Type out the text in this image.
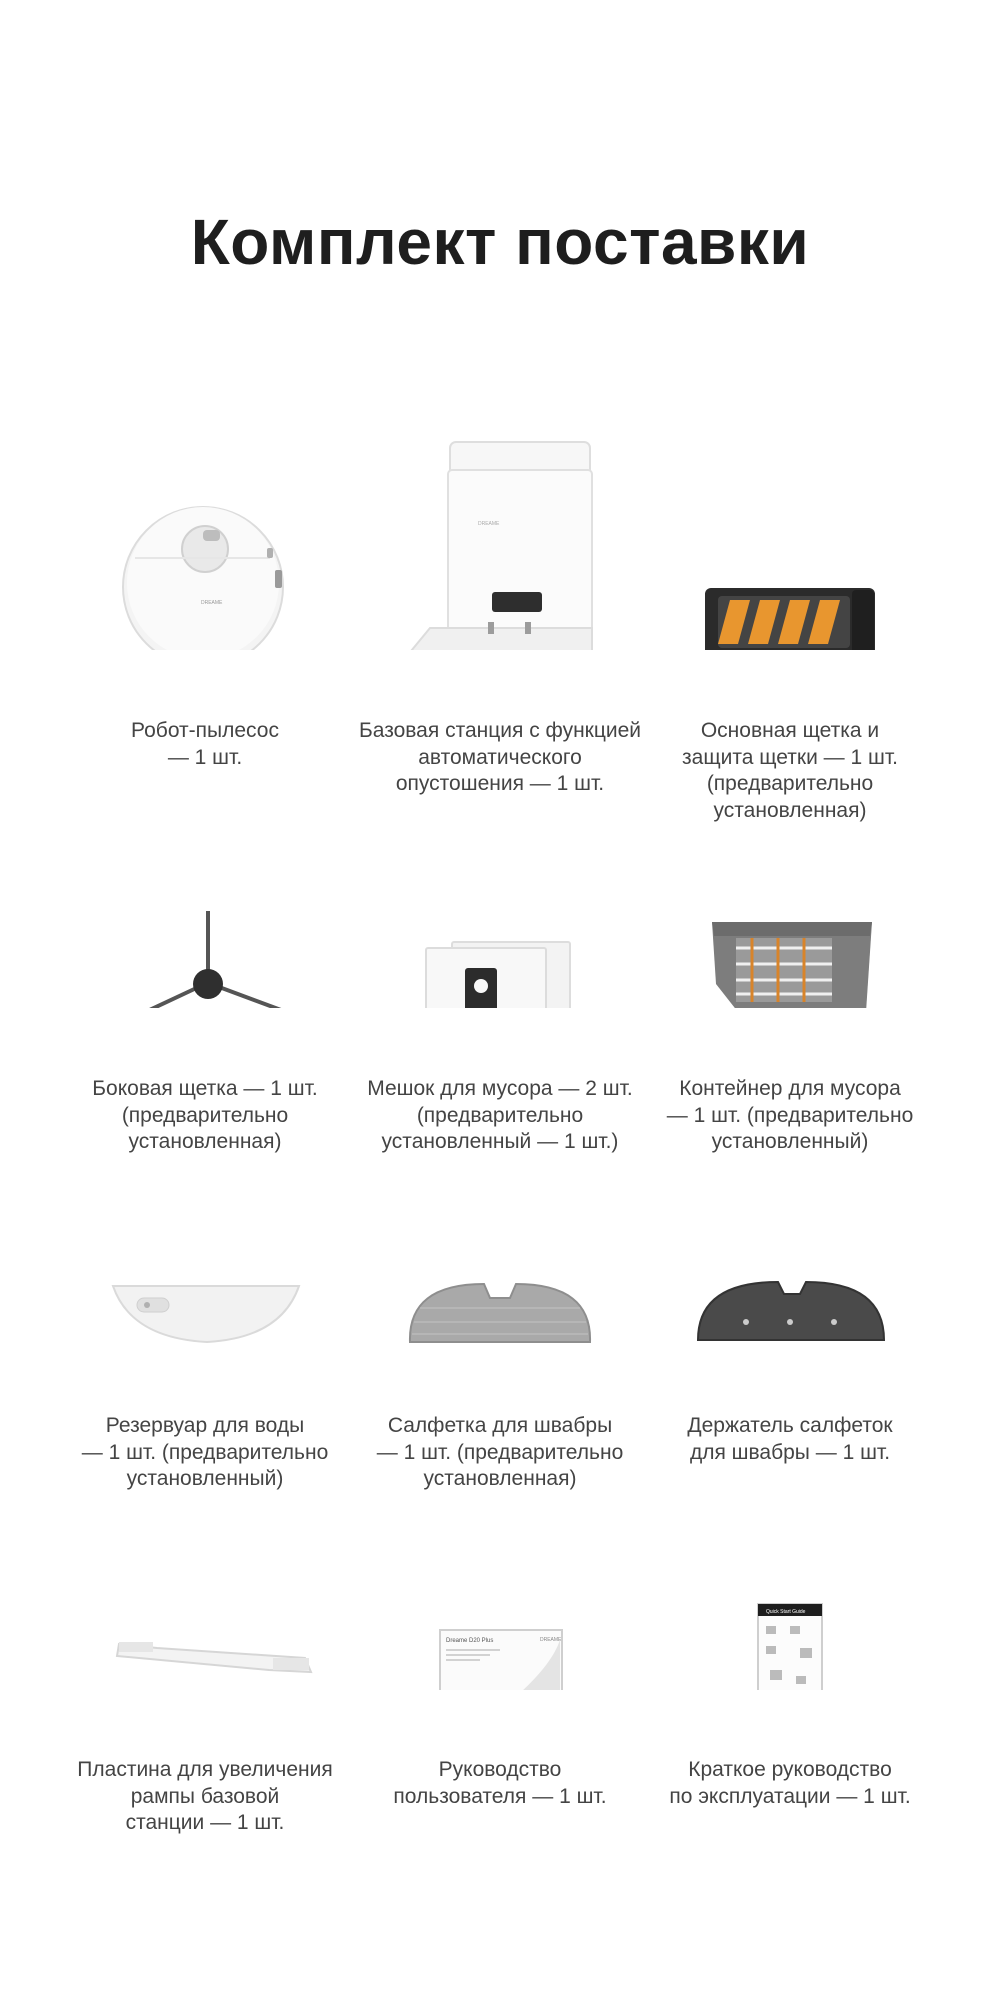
Комплект поставки
DREAME
Робот-пылесос
— 1 шт.
DREAME
Базовая станция с функцией
автоматического
опустошения — 1 шт.
Основная щетка и
защита щетки — 1 шт.
(предварительно
установленная)
Боковая щетка — 1 шт.
(предварительно
установленная)
Мешок для мусора — 2 шт.
(предварительно
установленный — 1 шт.)
Контейнер для мусора
— 1 шт. (предварительно
установленный)
Резервуар для воды
— 1 шт. (предварительно
установленный)
Салфетка для швабры
— 1 шт. (предварительно
установленная)
Держатель салфеток
для швабры — 1 шт.
Пластина для увеличения
рампы базовой
станции — 1 шт.
DREAME
Dreame D20 Plus
Руководство
пользователя — 1 шт.
Quick Start Guide
Краткое руководство
по эксплуатации — 1 шт.
